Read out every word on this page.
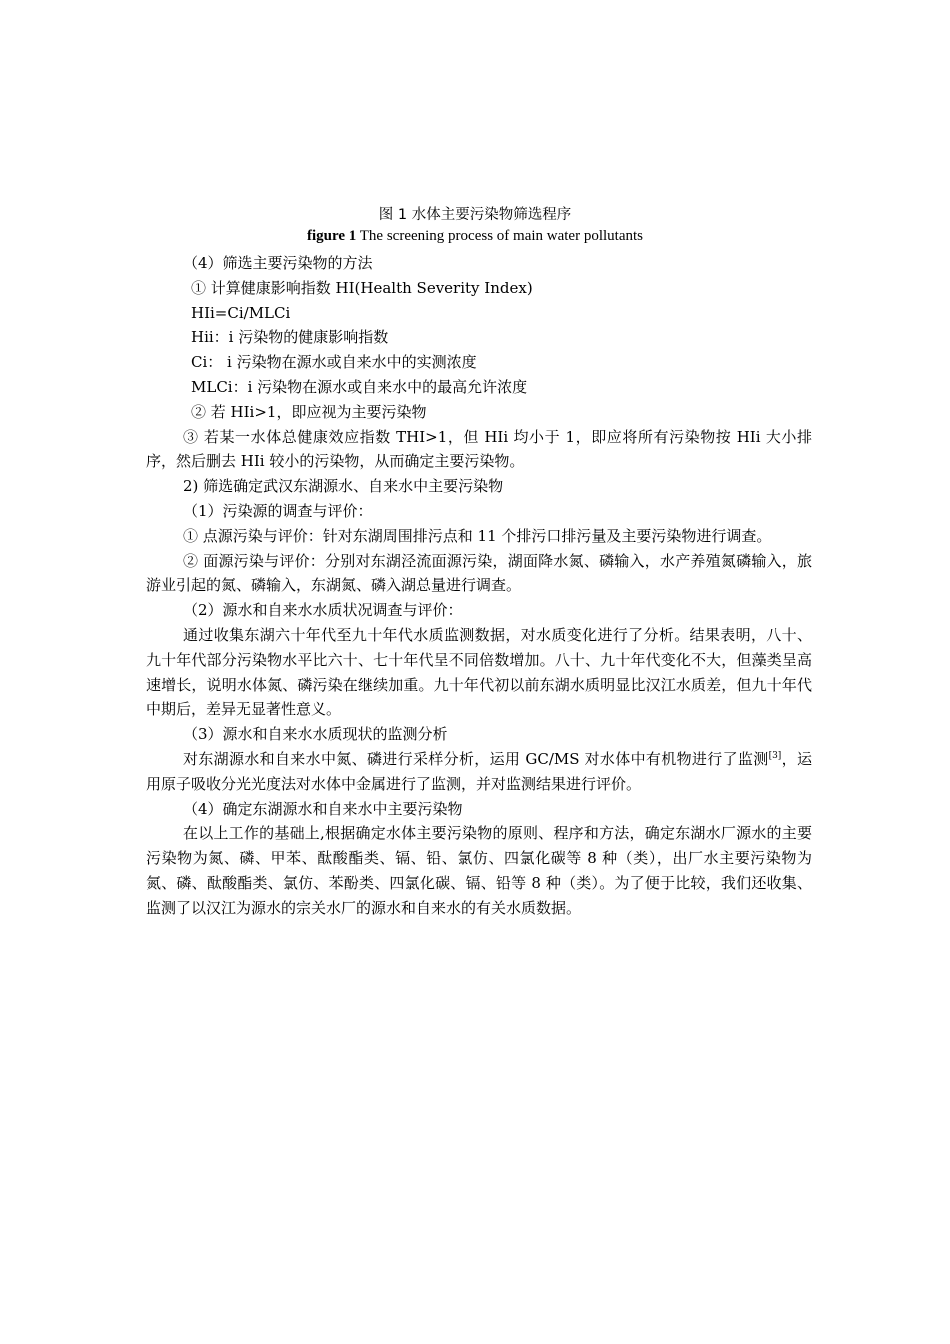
图 1 水体主要污染物筛选程序
figure 1 The screening process of main water pollutants
（4）筛选主要污染物的方法
① 计算健康影响指数 HI(Health Severity Index)
HIi=Ci/MLCi
Hii：i 污染物的健康影响指数
Ci： i 污染物在源水或自来水中的实测浓度
MLCi：i 污染物在源水或自来水中的最高允许浓度
② 若 HIi>1，即应视为主要污染物
③ 若某一水体总健康效应指数 THI>1，但 HIi 均小于 1，即应将所有污染物按 HIi 大小排序，然后删去 HIi 较小的污染物，从而确定主要污染物。
2) 筛选确定武汉东湖源水、自来水中主要污染物
（1）污染源的调查与评价：
① 点源污染与评价：针对东湖周围排污点和 11 个排污口排污量及主要污染物进行调查。
② 面源污染与评价：分别对东湖泾流面源污染，湖面降水氮、磷输入，水产养殖氮磷输入，旅游业引起的氮、磷输入，东湖氮、磷入湖总量进行调查。
（2）源水和自来水水质状况调查与评价：
通过收集东湖六十年代至九十年代水质监测数据，对水质变化进行了分析。结果表明，八十、九十年代部分污染物水平比六十、七十年代呈不同倍数增加。八十、九十年代变化不大，但藻类呈高速增长，说明水体氮、磷污染在继续加重。九十年代初以前东湖水质明显比汉江水质差，但九十年代中期后，差异无显著性意义。
（3）源水和自来水水质现状的监测分析
对东湖源水和自来水中氮、磷进行采样分析，运用 GC/MS 对水体中有机物进行了监测[3]，运用原子吸收分光光度法对水体中金属进行了监测，并对监测结果进行评价。
（4）确定东湖源水和自来水中主要污染物
在以上工作的基础上,根据确定水体主要污染物的原则、程序和方法，确定东湖水厂源水的主要污染物为氮、磷、甲苯、酞酸酯类、镉、铅、氯仿、四氯化碳等 8 种（类），出厂水主要污染物为氮、磷、酞酸酯类、氯仿、苯酚类、四氯化碳、镉、铅等 8 种（类）。为了便于比较，我们还收集、监测了以汉江为源水的宗关水厂的源水和自来水的有关水质数据。
